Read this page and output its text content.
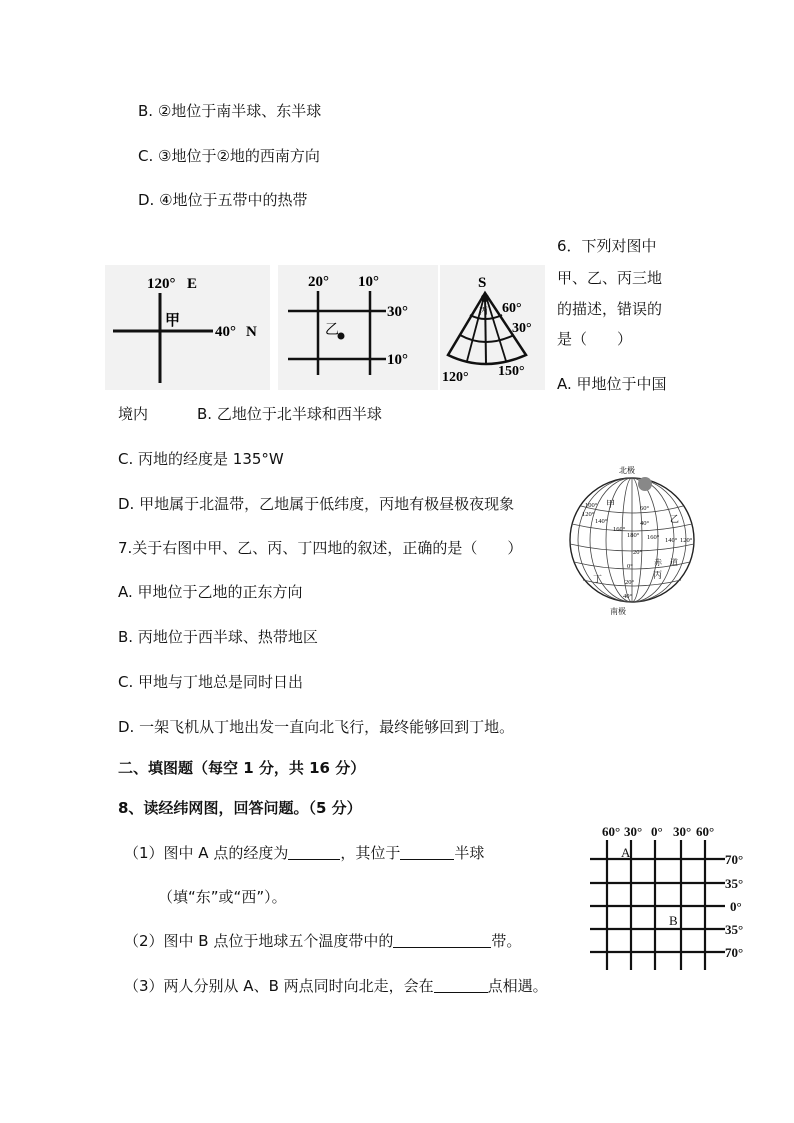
B. ②地位于南半球、东半球
C. ③地位于②地的西南方向
D. ④地位于五带中的热带
6．下列对图中
甲、乙、丙三地
的描述，错误的
是（　　）
A. 甲地位于中国
120° E
甲
40° N
20° 10°
30°
10°
乙
S
丙 60°
30°
120° 150°
境内	B. 乙地位于北半球和西半球
C. 丙地的经度是 135°W
D. 甲地属于北温带，乙地属于低纬度，丙地有极昼极夜现象
北极
100°
120°
140°
160°
180° 160° 140° 120°
60°
40°
20°
0°
20°
40°
甲
乙
丙
丁
赤　道
南极
7.关于右图中甲、乙、丙、丁四地的叙述，正确的是（　　）
A. 甲地位于乙地的正东方向
B. 丙地位于西半球、热带地区
C. 甲地与丁地总是同时日出
D. 一架飞机从丁地出发一直向北飞行，最终能够回到丁地。
二、填图题（每空 1 分，共 16 分）
8、读经纬网图，回答问题。（5 分）
（1）图中 A 点的经度为	，其位于	半球
（填“东”或“西”）。
（2）图中 B 点位于地球五个温度带中的	带。
（3）两人分别从 A、B 两点同时向北走，会在	点相遇。
60° 30° 0° 30° 60°
70°
35°
0°
35°
70°
A
B
